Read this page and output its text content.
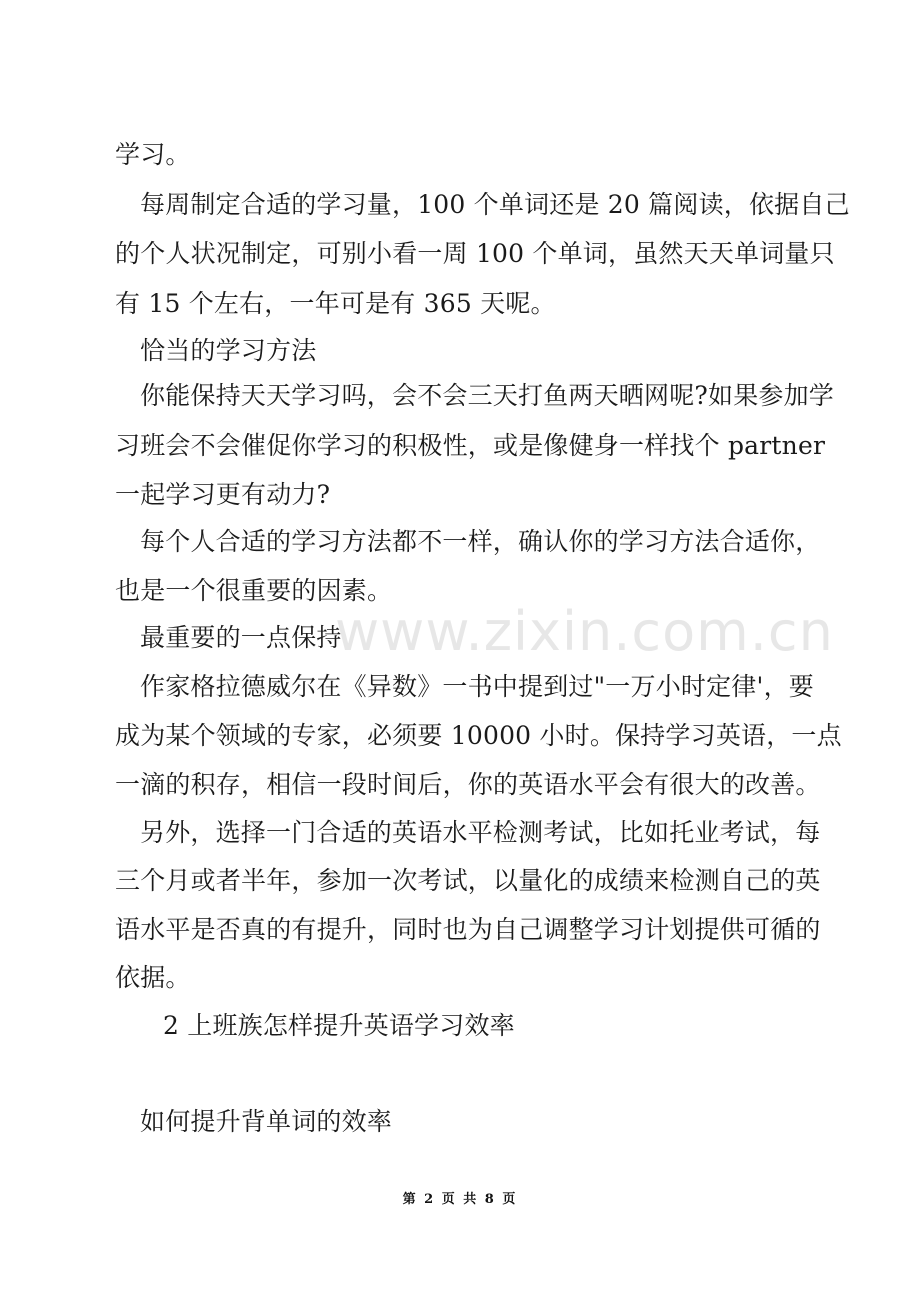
学习。
每周制定合适的学习量，100 个单词还是 20 篇阅读，依据自己
的个人状况制定，可别小看一周 100 个单词，虽然天天单词量只
有 15 个左右，一年可是有 365 天呢。
恰当的学习方法
你能保持天天学习吗，会不会三天打鱼两天晒网呢?如果参加学
习班会不会催促你学习的积极性，或是像健身一样找个 partner
一起学习更有动力?
每个人合适的学习方法都不一样，确认你的学习方法合适你，
也是一个很重要的因素。
最重要的一点保持
作家格拉德威尔在《异数》一书中提到过"一万小时定律'，要
成为某个领域的专家，必须要 10000 小时。保持学习英语，一点
一滴的积存，相信一段时间后，你的英语水平会有很大的改善。
另外，选择一门合适的英语水平检测考试，比如托业考试，每
三个月或者半年，参加一次考试，以量化的成绩来检测自己的英
语水平是否真的有提升，同时也为自己调整学习计划提供可循的
依据。
2 上班族怎样提升英语学习效率
如何提升背单词的效率
www.zixin.com.cn
第 2 页 共 8 页
